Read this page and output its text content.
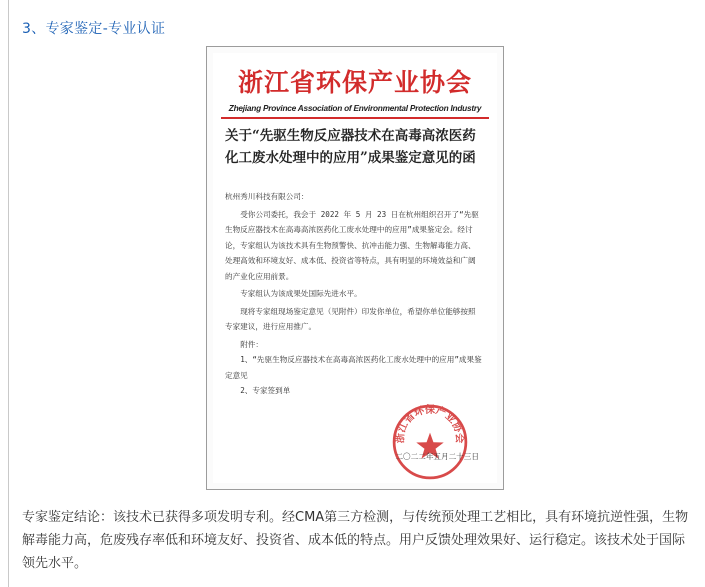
3、专家鉴定-专业认证
浙江省环保产业协会
Zhejiang Province Association of Environmental Protection Industry
关于“先驱生物反应器技术在高毒高浓医药
化工废水处理中的应用”成果鉴定意见的函

杭州秀川科技有限公司：

受你公司委托，我会于 2022 年 5 月 23 日在杭州组织召开了“先驱生物反应器技术在高毒高浓医药化工废水处理中的应用”成果鉴定会。经讨论，专家组认为该技术具有生物预警快、抗冲击能力强、生物解毒能力高、处理高效和环境友好、成本低、投资省等特点，具有明显的环境效益和广阔的产业化应用前景。

专家组认为该成果处国际先进水平。

现将专家组现场鉴定意见（见附件）印发你单位，希望你单位能够按照专家建议，进行应用推广。

附件：

1、“先驱生物反应器技术在高毒高浓医药化工废水处理中的应用”成果鉴定意见

2、专家签到单

浙江省环保产业协会
二〇二二年五月二十三日
专家鉴定结论：该技术已获得多项发明专利。经CMA第三方检测，与传统预处理工艺相比，具有环境抗逆性强，生物解毒能力高，危废残存率低和环境友好、投资省、成本低的特点。用户反馈处理效果好、运行稳定。该技术处于国际领先水平。
